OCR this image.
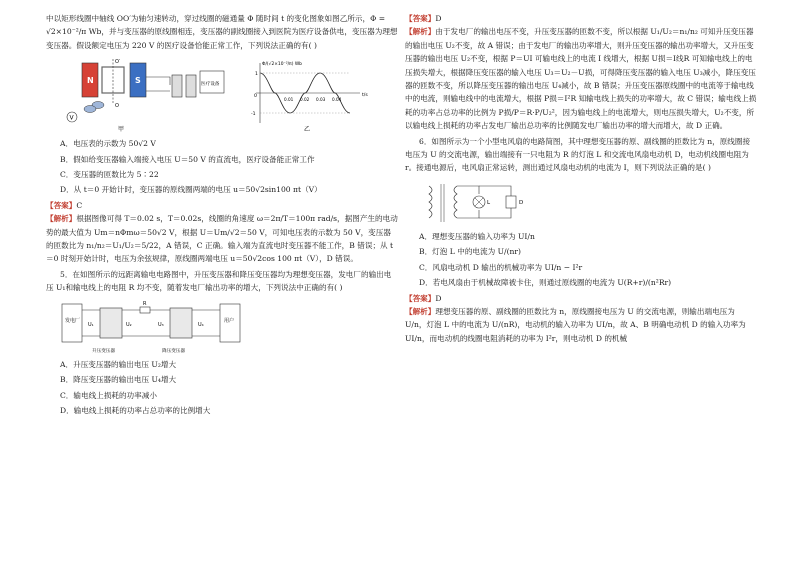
中以矩形线圈中轴线 OO′为轴匀速转动，穿过线圈的磁通量 Φ 随时间 t 的变化图象如图乙所示，Φ = √2×10⁻²/π Wb，并与变压器的原线圈相连，变压器的副线圈接入到医院为医疗设备供电，变压器为理想变压器。假设额定电压为 220 V 的医疗设备恰能正常工作，下列说法正确的有( )

N	S
O′
O
V
医疗设备
甲
Φ/(√2×10⁻²/π) Wb
t/s
1
0
-1
0.01 0.02 0.03 0.04
乙

A．电压表的示数为 50√2 V

B．假如给变压器输入端接入电压 U＝50 V 的直流电，医疗设备能正常工作

C．变压器的匝数比为 5∶22

D．从 t＝0 开始计时，变压器的原线圈两端的电压 u＝50√2sin100 πt（V）

【答案】C

【解析】根据图像可得 T＝0.02 s，T＝0.02s，线圈的角速度 ω＝2π/T＝100π rad/s，据图产生的电动势的最大值为 Um＝nΦmω＝50√2 V，根据 U＝Um/√2＝50 V，可知电压表的示数为 50 V，变压器的匝数比为 n₁/n₂＝U₁/U₂＝5/22，A 错误，C 正确。输入端为直流电时变压器不能工作，B 错误；从 t＝0 时刻开始计时，电压为余弦规律，原线圈两端电压 u＝50√2cos 100 πt（V），D 错误。

5．在如图所示的远距离输电电路图中，升压变压器和降压变压器均为理想变压器，发电厂的输出电压 U₁和输电线上的电阻 R 均不变，随着发电厂输出功率的增大，下列说法中正确的有( )

发电厂
R
用户
U₁	U₂	U₃	U₄
升压变压器	降压变压器

A．升压变压器的输出电压 U₂增大

B．降压变压器的输出电压 U₄增大

C．输电线上损耗的功率减小

D．输电线上损耗的功率占总功率的比例增大

【答案】D

【解析】由于发电厂的输出电压不变，升压变压器的匝数不变，所以根据 U₁/U₂＝n₁/n₂ 可知升压变压器的输出电压 U₂不变，故 A 错误；由于发电厂的输出功率增大，则升压变压器的输出功率增大，又升压变压器的输出电压 U₂不变，根据 P＝UI 可输电线上的电流 I 线增大，根据 U损＝I线R 可知输电线上的电压损失增大，根据降压变压器的输入电压 U₃＝U₂－U损，可得降压变压器的输入电压 U₃减小，降压变压器的匝数不变，所以降压变压器的输出电压 U₄减小，故 B 错误；升压变压器原线圈中的电流等于输电线中的电流，则输电线中的电流增大，根据 P损＝I²R 知输电线上损失的功率增大，故 C 错误；输电线上损耗的功率占总功率的比例为 P损/P＝R·P/U₂²，因为输电线上的电流增大，则电压损失增大，U₂不变，所以输电线上损耗的功率占发电厂输出总功率的比例随发电厂输出功率的增大而增大，故 D 正确。

6．如图所示为一个小型电风扇的电路简图，其中理想变压器的原、副线圈的匝数比为 n，原线圈接电压为 U 的交流电源，输出端接有一只电阻为 R 的灯泡 L 和交流电风扇电动机 D，电动机线圈电阻为 r。接通电源后，电风扇正常运转，测出通过风扇电动机的电流为 I，则下列说法正确的是( )

L	D

A．理想变压器的输入功率为 UI/n

B．灯泡 L 中的电流为 U/(nr)

C．风扇电动机 D 输出的机械功率为 UI/n − I²r

D．若电风扇由于机械故障被卡住，则通过原线圈的电流为 U(R+r)/(n²Rr)

【答案】D

【解析】理想变压器的原、副线圈的匝数比为 n，原线圈接电压为 U 的交流电源，则输出端电压为 U/n，灯泡 L 中的电流为 U/(nR)，电动机的输入功率为 UI/n，故 A、B 明确电动机 D 的输入功率为 UI/n，而电动机的线圈电阻消耗的功率为 I²r，则电动机 D 的机械
